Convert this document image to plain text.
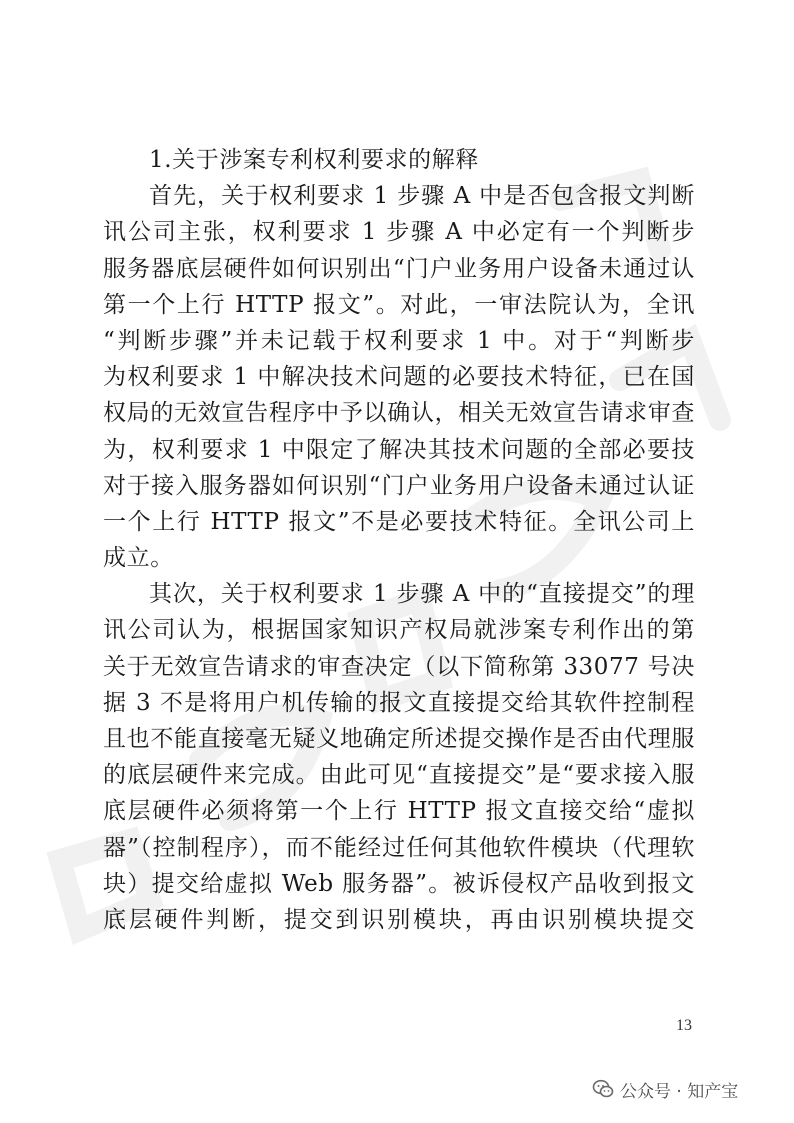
1.关于涉案专利权利要求的解释
首先，关于权利要求 1 步骤 A 中是否包含报文判断
讯公司主张，权利要求 1 步骤 A 中必定有一个判断步
服务器底层硬件如何识别出“门户业务用户设备未通过认
第一个上行 HTTP 报文”。对此，一审法院认为，全讯
“判断步骤”并未记载于权利要求 1 中。对于“判断步
为权利要求 1 中解决技术问题的必要技术特征，已在国
权局的无效宣告程序中予以确认，相关无效宣告请求审查
为，权利要求 1 中限定了解决其技术问题的全部必要技
对于接入服务器如何识别“门户业务用户设备未通过认证
一个上行 HTTP 报文”不是必要技术特征。全讯公司上
成立。
其次，关于权利要求 1 步骤 A 中的“直接提交”的理
讯公司认为，根据国家知识产权局就涉案专利作出的第
关于无效宣告请求的审查决定（以下简称第 33077 号决
据 3 不是将用户机传输的报文直接提交给其软件控制程
且也不能直接毫无疑义地确定所述提交操作是否由代理服
的底层硬件来完成。由此可见“直接提交”是“要求接入服
底层硬件必须将第一个上行 HTTP 报文直接交给“虚拟
器”（控制程序），而不能经过任何其他软件模块（代理软
块）提交给虚拟 Web 服务器”。被诉侵权产品收到报文
底层硬件判断，提交到识别模块，再由识别模块提交
13
公众号 · 知产宝
